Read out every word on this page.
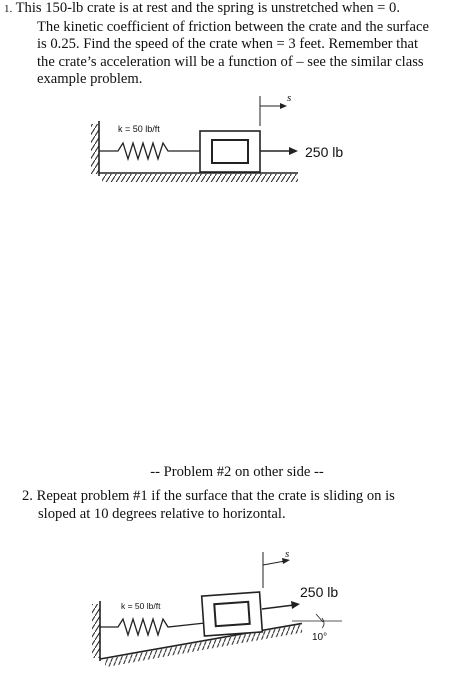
1. This 150-lb crate is at rest and the spring is unstretched when = 0.
The kinetic coefficient of friction between the crate and the surface
is 0.25. Find the speed of the crate when = 3 feet. Remember that
the crate’s acceleration will be a function of – see the similar class
example problem.
k = 50 lb/ft
250 lb
s
-- Problem #2 on other side --
2. Repeat problem #1 if the surface that the crate is sliding on is
sloped at 10 degrees relative to horizontal.
k = 50 lb/ft
250 lb
s
10°
